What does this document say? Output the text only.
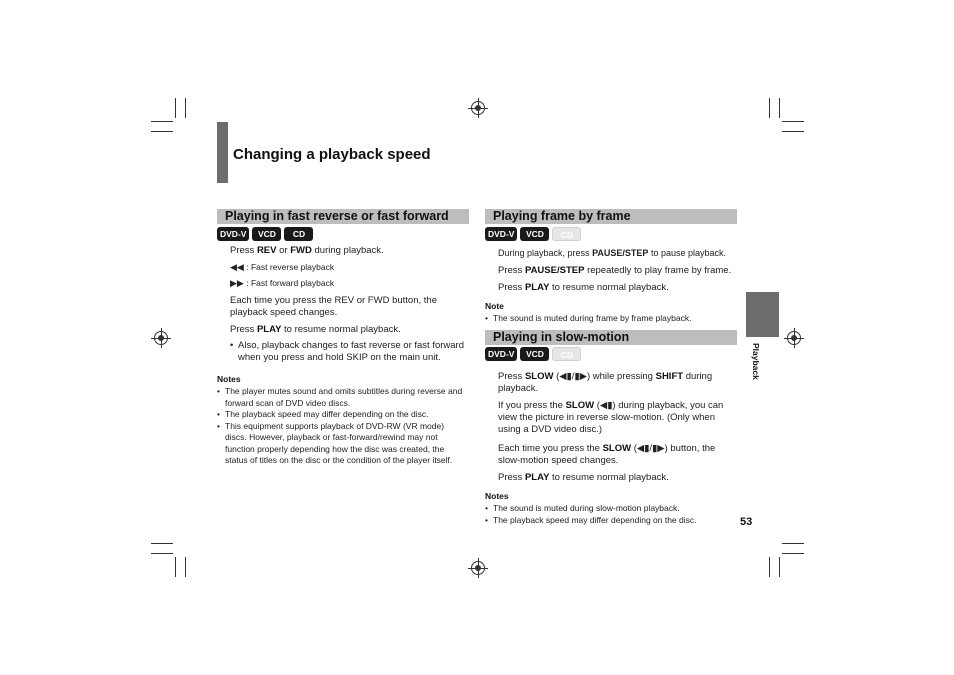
Changing a playback speed
Playing in fast reverse or fast forward
DVD-V	VCD	CD
Press REV or FWD during playback.
◀◀ : Fast reverse playback
▶▶ : Fast forward playback
Each time you press the REV or FWD button, the playback speed changes.
Press PLAY to resume normal playback.
• Also, playback changes to fast reverse or fast forward when you press and hold SKIP on the main unit.
Notes
• The player mutes sound and omits subtitles during reverse and forward scan of DVD video discs.
• The playback speed may differ depending on the disc.
• This equipment supports playback of DVD-RW (VR mode) discs. However, playback or fast-forward/rewind may not function properly depending how the disc was created, the status of titles on the disc or the condition of the player itself.
Playing frame by frame
DVD-V	VCD	CD
During playback, press PAUSE/STEP to pause playback.
Press PAUSE/STEP repeatedly to play frame by frame.
Press PLAY to resume normal playback.
Note
• The sound is muted during frame by frame playback.
Playing in slow-motion
DVD-V	VCD	CD
Press SLOW (◀▮/▮▶) while pressing SHIFT during playback.
If you press the SLOW (◀▮) during playback, you can view the picture in reverse slow-motion. (Only when using a DVD video disc.)
Each time you press the SLOW (◀▮/▮▶) button, the slow-motion speed changes.
Press PLAY to resume normal playback.
Notes
• The sound is muted during slow-motion playback.
• The playback speed may differ depending on the disc.
Playback
53
